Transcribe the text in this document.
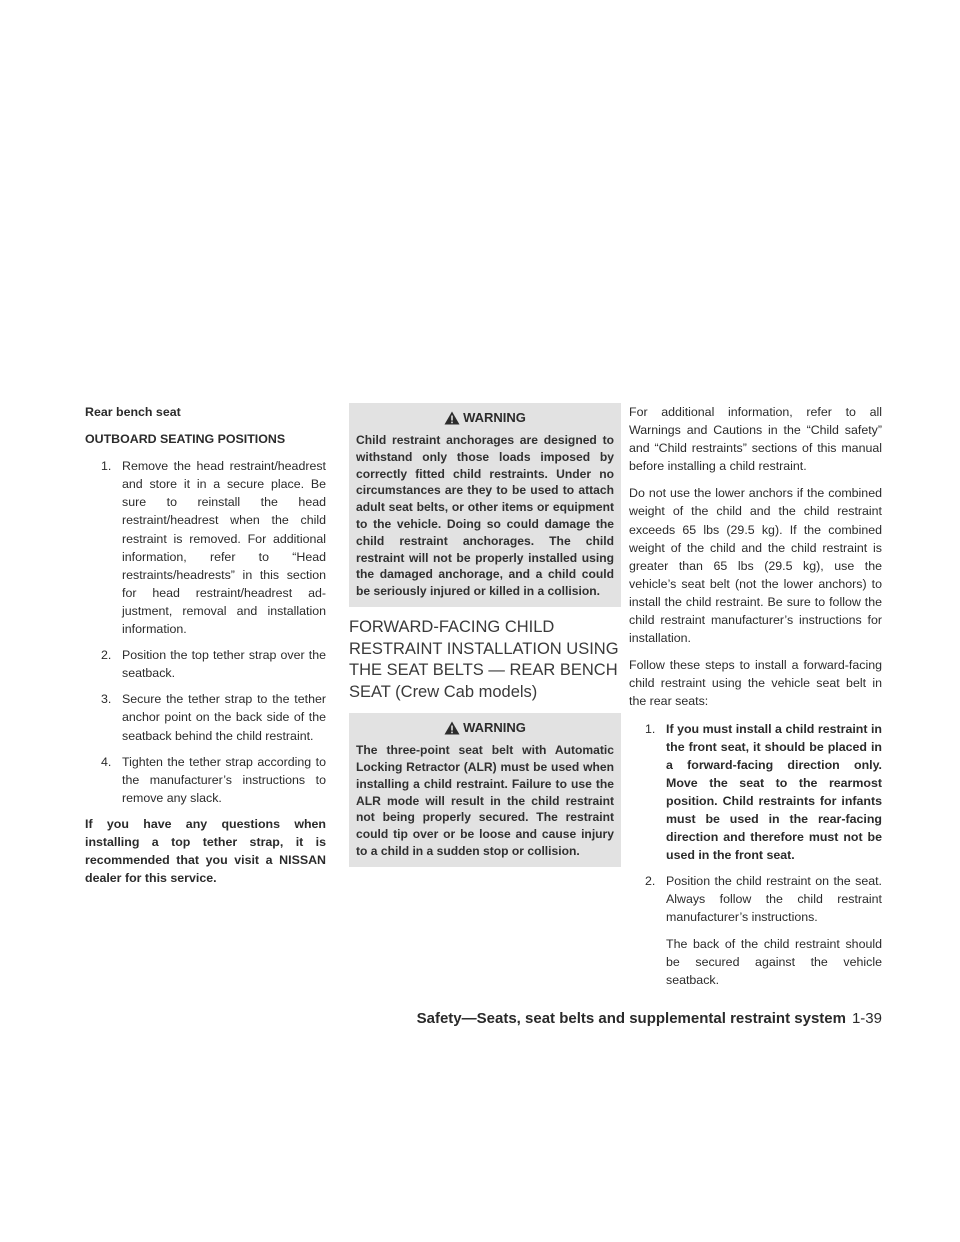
Rear bench seat

OUTBOARD SEATING POSITIONS

1. Remove the head restraint/headrest and store it in a secure place. Be sure to reinstall the head restraint/headrest when the child restraint is removed. For additional information, refer to “Head restraints/headrests” in this section for head restraint/headrest adjustment, removal and installation information.
2. Position the top tether strap over the seatback.
3. Secure the tether strap to the tether anchor point on the back side of the seatback behind the child restraint.
4. Tighten the tether strap according to the manufacturer’s instructions to remove any slack.

If you have any questions when installing a top tether strap, it is recommended that you visit a NISSAN dealer for this service.

WARNING
Child restraint anchorages are designed to withstand only those loads imposed by correctly fitted child restraints. Under no circumstances are they to be used to attach adult seat belts, or other items or equipment to the vehicle. Doing so could damage the child restraint anchorages. The child restraint will not be properly installed using the damaged anchorage, and a child could be seriously injured or killed in a collision.
FORWARD-FACING CHILD RESTRAINT INSTALLATION USING THE SEAT BELTS — REAR BENCH SEAT (Crew Cab models)
WARNING
The three-point seat belt with Automatic Locking Retractor (ALR) must be used when installing a child restraint. Failure to use the ALR mode will result in the child restraint not being properly secured. The restraint could tip over or be loose and cause injury to a child in a sudden stop or collision.

For additional information, refer to all Warnings and Cautions in the “Child safety” and “Child restraints” sections of this manual before installing a child restraint.

Do not use the lower anchors if the combined weight of the child and the child restraint exceeds 65 lbs (29.5 kg). If the combined weight of the child and the child restraint is greater than 65 lbs (29.5 kg), use the vehicle’s seat belt (not the lower anchors) to install the child restraint. Be sure to follow the child restraint manufacturer’s instructions for installation.

Follow these steps to install a forward-facing child restraint using the vehicle seat belt in the rear seats:

1. If you must install a child restraint in the front seat, it should be placed in a forward-facing direction only. Move the seat to the rearmost position. Child restraints for infants must be used in the rear-facing direction and therefore must not be used in the front seat.
2. Position the child restraint on the seat. Always follow the child restraint manufacturer’s instructions.

The back of the child restraint should be secured against the vehicle seatback.

Safety—Seats, seat belts and supplemental restraint system 1-39
